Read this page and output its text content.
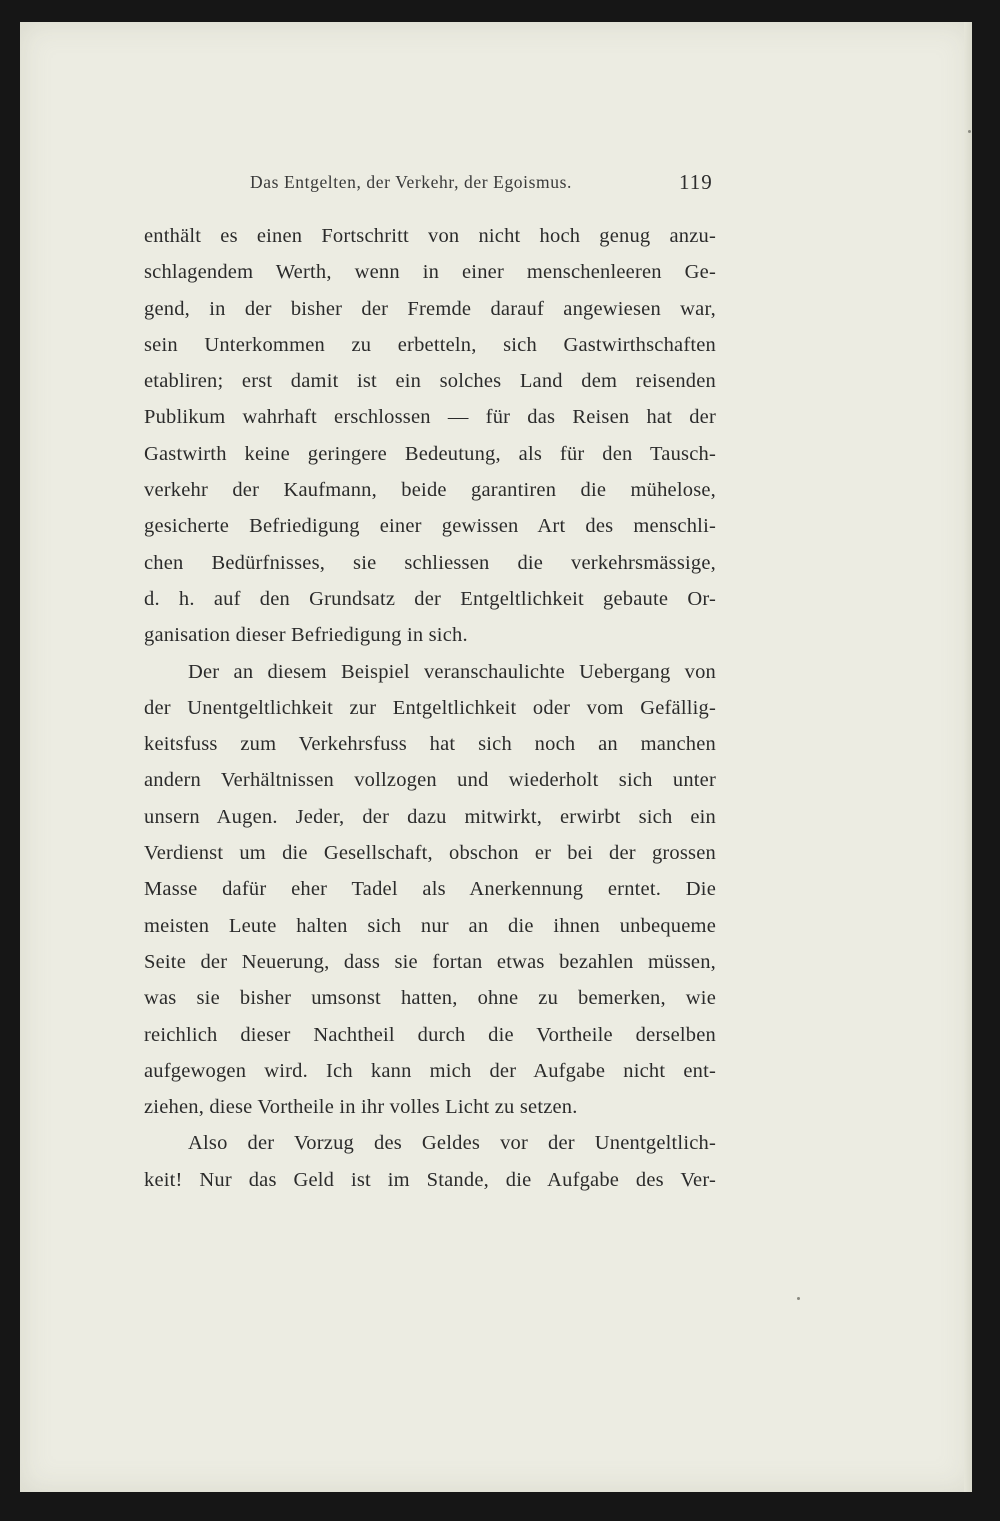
Das Entgelten, der Verkehr, der Egoismus.	119
enthält es einen Fortschritt von nicht hoch genug anzu-
schlagendem Werth, wenn in einer menschenleeren Ge-
gend, in der bisher der Fremde darauf angewiesen war,
sein Unterkommen zu erbetteln, sich Gastwirthschaften
etabliren; erst damit ist ein solches Land dem reisenden
Publikum wahrhaft erschlossen — für das Reisen hat der
Gastwirth keine geringere Bedeutung, als für den Tausch-
verkehr der Kaufmann, beide garantiren die mühelose,
gesicherte Befriedigung einer gewissen Art des menschli-
chen Bedürfnisses, sie schliessen die verkehrsmässige,
d. h. auf den Grundsatz der Entgeltlichkeit gebaute Or-
ganisation dieser Befriedigung in sich.
Der an diesem Beispiel veranschaulichte Uebergang von
der Unentgeltlichkeit zur Entgeltlichkeit oder vom Gefällig-
keitsfuss zum Verkehrsfuss hat sich noch an manchen
andern Verhältnissen vollzogen und wiederholt sich unter
unsern Augen. Jeder, der dazu mitwirkt, erwirbt sich ein
Verdienst um die Gesellschaft, obschon er bei der grossen
Masse dafür eher Tadel als Anerkennung erntet. Die
meisten Leute halten sich nur an die ihnen unbequeme
Seite der Neuerung, dass sie fortan etwas bezahlen müssen,
was sie bisher umsonst hatten, ohne zu bemerken, wie
reichlich dieser Nachtheil durch die Vortheile derselben
aufgewogen wird. Ich kann mich der Aufgabe nicht ent-
ziehen, diese Vortheile in ihr volles Licht zu setzen.
Also der Vorzug des Geldes vor der Unentgeltlich-
keit! Nur das Geld ist im Stande, die Aufgabe des Ver-
